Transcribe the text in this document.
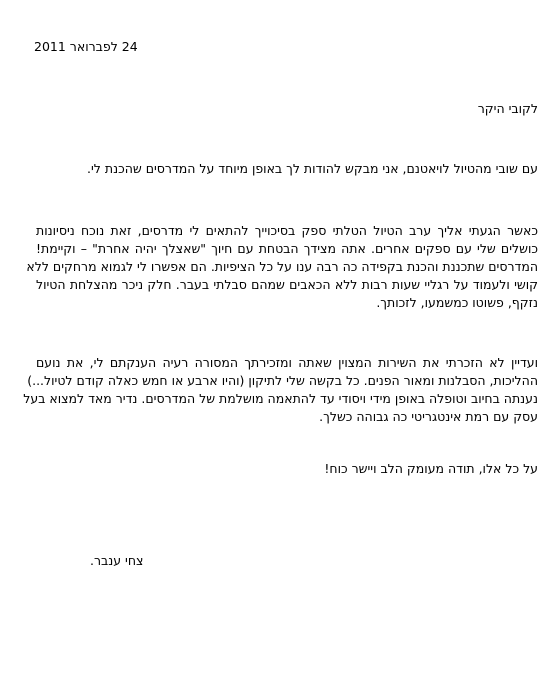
24 לפברואר 2011
לקובי היקר
עם שובי מהטיול לויאטנם, אני מבקש להודות לך באופן מיוחד על המדרסים שהכנת לי.
כאשר הגעתי אליך ערב הטיול הטלתי ספק בסיכוייך להתאים לי מדרסים, זאת נוכח ניסיונות
כושלים שלי עם ספקים אחרים. אתה מצידך הבטחת עם חיוך "שאצלך יהיה אחרת" – וקיימת!
המדרסים שתכננת והכנת בקפידה כה רבה ענו על כל הציפיות. הם אפשרו לי לגמוא מרחקים ללא
קושי ולעמוד על רגליי שעות רבות ללא הכאבים שמהם סבלתי בעבר. חלק ניכר מהצלחת הטיול
נזקף, פשוטו כמשמעו, לזכותך.
ועדיין לא הזכרתי את השירות המצוין שאתה ומזכירתך המסורה רעיה הענקתם לי, את נועם
ההליכות, הסבלנות ומאור הפנים. כל בקשה שלי לתיקון (והיו ארבע או חמש כאלה קודם לטיול...)
נענתה בחיוב וטופלה באופן מידי ויסודי עד להתאמה מושלמת של המדרסים. נדיר מאד למצוא בעל
עסק עם רמת אינטגריטי כה גבוהה כשלך.
על כל אלו, תודה מעומק הלב ויישר כוח!
צחי ענבר.
